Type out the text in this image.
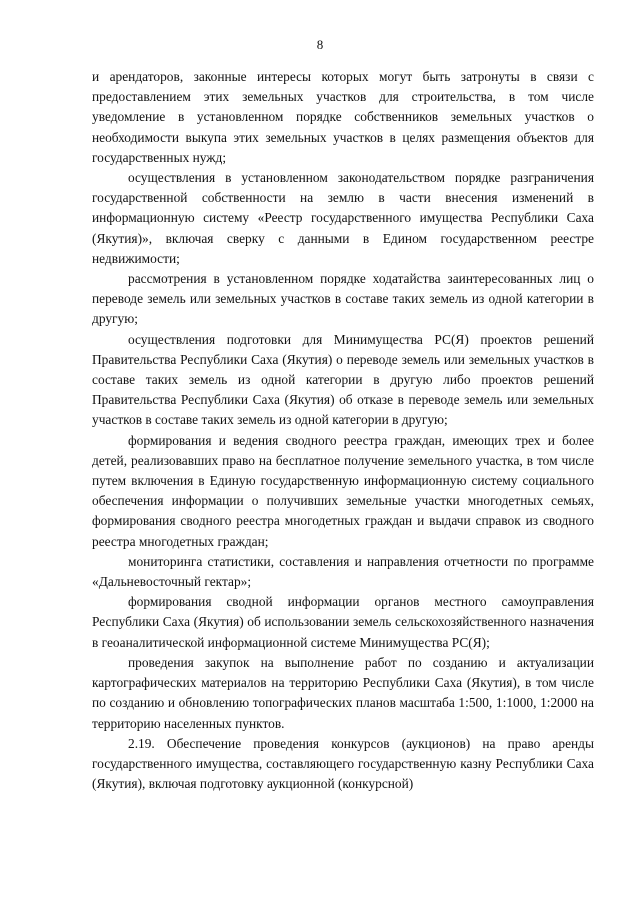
8

и арендаторов, законные интересы которых могут быть затронуты в связи с предоставлением этих земельных участков для строительства, в том числе уведомление в установленном порядке собственников земельных участков о необходимости выкупа этих земельных участков в целях размещения объектов для государственных нужд;

осуществления в установленном законодательством порядке разграничения государственной собственности на землю в части внесения изменений в информационную систему «Реестр государственного имущества Республики Саха (Якутия)», включая сверку с данными в Едином государственном реестре недвижимости;

рассмотрения в установленном порядке ходатайства заинтересованных лиц о переводе земель или земельных участков в составе таких земель из одной категории в другую;

осуществления подготовки для Минимущества РС(Я) проектов решений Правительства Республики Саха (Якутия) о переводе земель или земельных участков в составе таких земель из одной категории в другую либо проектов решений Правительства Республики Саха (Якутия) об отказе в переводе земель или земельных участков в составе таких земель из одной категории в другую;

формирования и ведения сводного реестра граждан, имеющих трех и более детей, реализовавших право на бесплатное получение земельного участка, в том числе путем включения в Единую государственную информационную систему социального обеспечения информации о получивших земельные участки многодетных семьях, формирования сводного реестра многодетных граждан и выдачи справок из сводного реестра многодетных граждан;

мониторинга статистики, составления и направления отчетности по программе «Дальневосточный гектар»;

формирования сводной информации органов местного самоуправления Республики Саха (Якутия) об использовании земель сельскохозяйственного назначения в геоаналитической информационной системе Минимущества РС(Я);

проведения закупок на выполнение работ по созданию и актуализации картографических материалов на территорию Республики Саха (Якутия), в том числе по созданию и обновлению топографических планов масштаба 1:500, 1:1000, 1:2000 на территорию населенных пунктов.

2.19. Обеспечение проведения конкурсов (аукционов) на право аренды государственного имущества, составляющего государственную казну Республики Саха (Якутия), включая подготовку аукционной (конкурсной)
